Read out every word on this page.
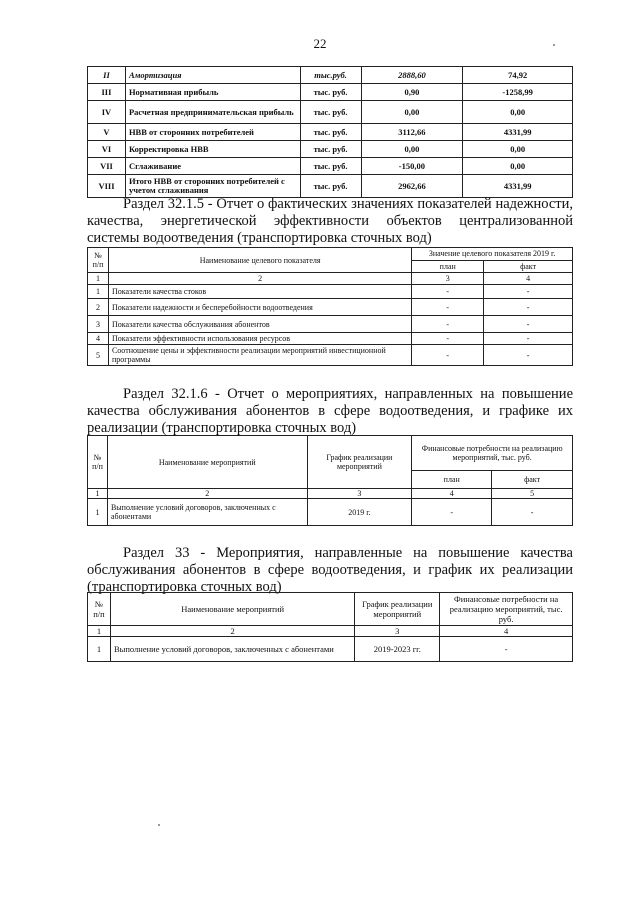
22
II	Амортизация	тыс.руб.	2888,60	74,92
III	Нормативная прибыль	тыс. руб.	0,90	-1258,99
IV	Расчетная предпринимательская прибыль	тыс. руб.	0,00	0,00
V	НВВ от сторонних потребителей	тыс. руб.	3112,66	4331,99
VI	Корректировка НВВ	тыс. руб.	0,00	0,00
VII	Сглаживание	тыс. руб.	-150,00	0,00
VIII	Итого НВВ от сторонних потребителей с учетом сглаживания	тыс. руб.	2962,66	4331,99
Раздел 32.1.5 - Отчет о фактических значениях показателей надежности, качества, энергетической эффективности объектов централизованной системы водоотведения (транспортировка сточных вод)
№ п/п	Наименование целевого показателя	Значение целевого показателя 2019 г.	
		план	факт
1	2	3	4
1	Показатели качества стоков	-	-
2	Показатели надежности и бесперебойности водоотведения	-	-
3	Показатели качества обслуживания абонентов	-	-
4	Показатели эффективности использования ресурсов	-	-
5	Соотношение цены и эффективности реализации мероприятий инвестиционной программы	-	-
Раздел 32.1.6 - Отчет о мероприятиях, направленных на повышение качества обслуживания абонентов в сфере водоотведения, и графике их реализации (транспортировка сточных вод)
№ п/п	Наименование мероприятий	График реализации мероприятий	Финансовые потребности на реализацию мероприятий, тыс. руб.	
			план	факт
1	2	3	4	5
1	Выполнение условий договоров, заключенных с абонентами	2019 г.	-	-
Раздел 33 - Мероприятия, направленные на повышение качества обслуживания абонентов в сфере водоотведения, и график их реализации (транспортировка сточных вод)
№ п/п	Наименование мероприятий	График реализации мероприятий	Финансовые потребности на реализацию мероприятий, тыс. руб.
1	2	3	4
1	Выполнение условий договоров, заключенных с абонентами	2019-2023 гг.	-
